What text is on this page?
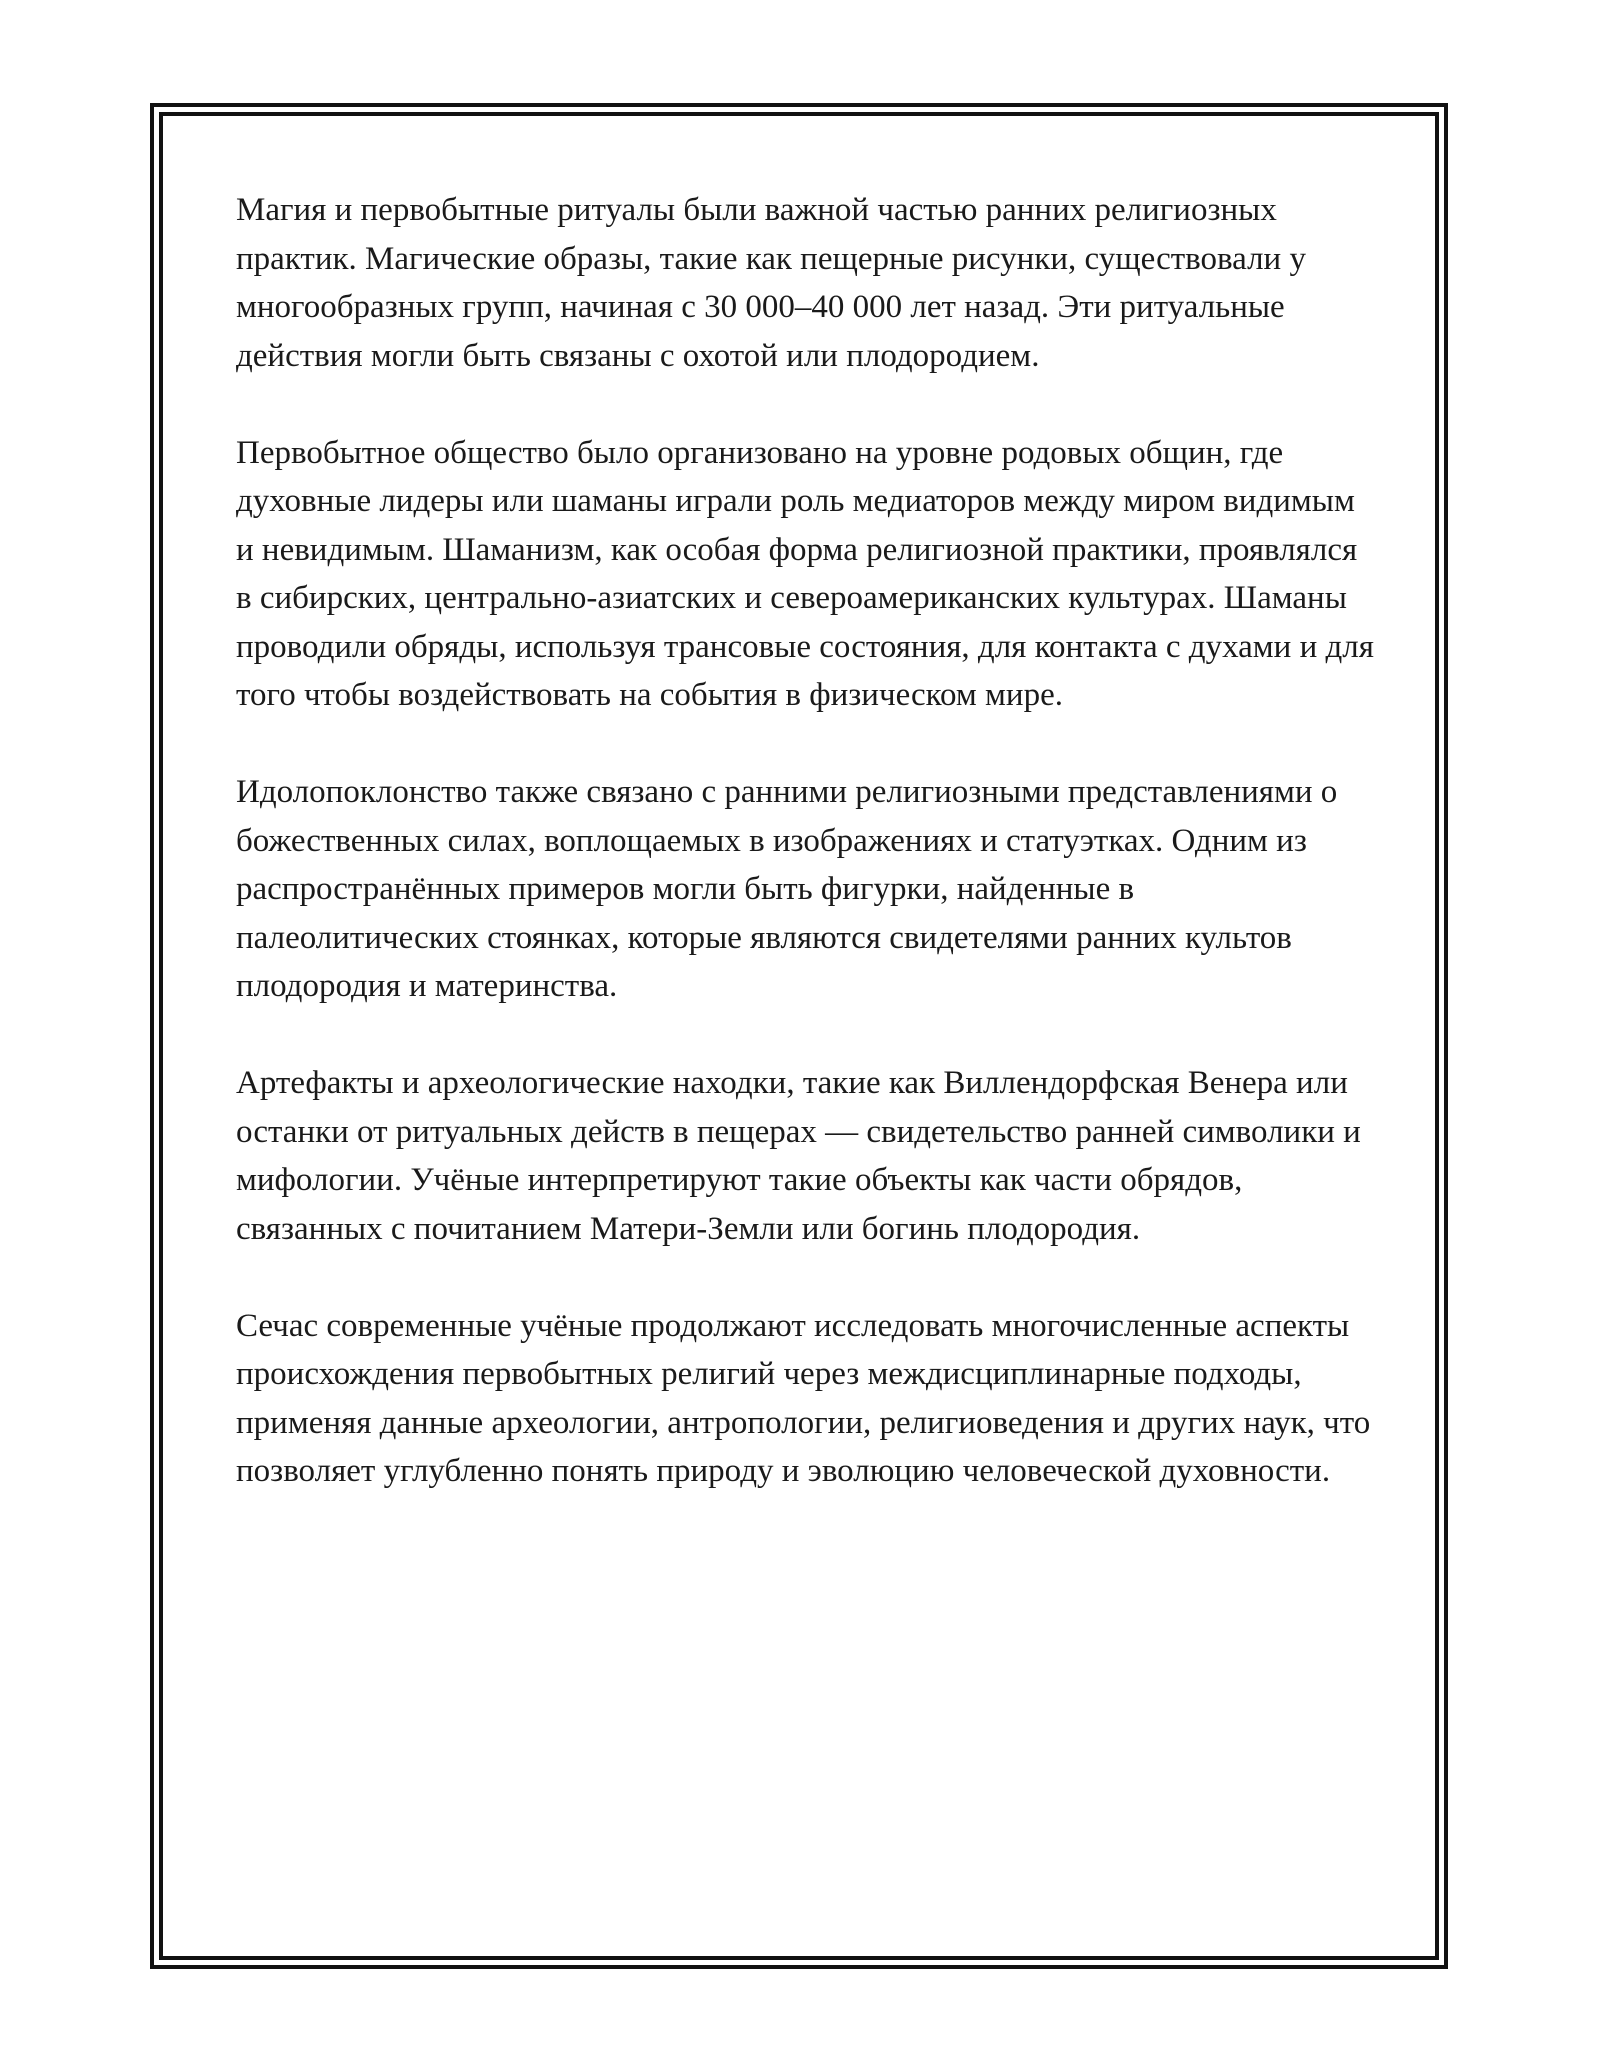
Магия и первобытные ритуалы были важной частью ранних религиозных практик. Магические образы, такие как пещерные рисунки, существовали у многообразных групп, начиная с 30 000–40 000 лет назад. Эти ритуальные действия могли быть связаны с охотой или плодородием.

Первобытное общество было организовано на уровне родовых общин, где духовные лидеры или шаманы играли роль медиаторов между миром видимым и невидимым. Шаманизм, как особая форма религиозной практики, проявлялся в сибирских, центрально-азиатских и североамериканских культурах. Шаманы проводили обряды, используя трансовые состояния, для контакта с духами и для того чтобы воздействовать на события в физическом мире.

Идолопоклонство также связано с ранними религиозными представлениями о божественных силах, воплощаемых в изображениях и статуэтках. Одним из распространённых примеров могли быть фигурки, найденные в палеолитических стоянках, которые являются свидетелями ранних культов плодородия и материнства.

Артефакты и археологические находки, такие как Виллендорфская Венера или останки от ритуальных действ в пещерах — свидетельство ранней символики и мифологии. Учёные интерпретируют такие объекты как части обрядов, связанных с почитанием Матери-Земли или богинь плодородия.

Сечас современные учёные продолжают исследовать многочисленные аспекты происхождения первобытных религий через междисциплинарные подходы, применяя данные археологии, антропологии, религиоведения и других наук, что позволяет углубленно понять природу и эволюцию человеческой духовности.
